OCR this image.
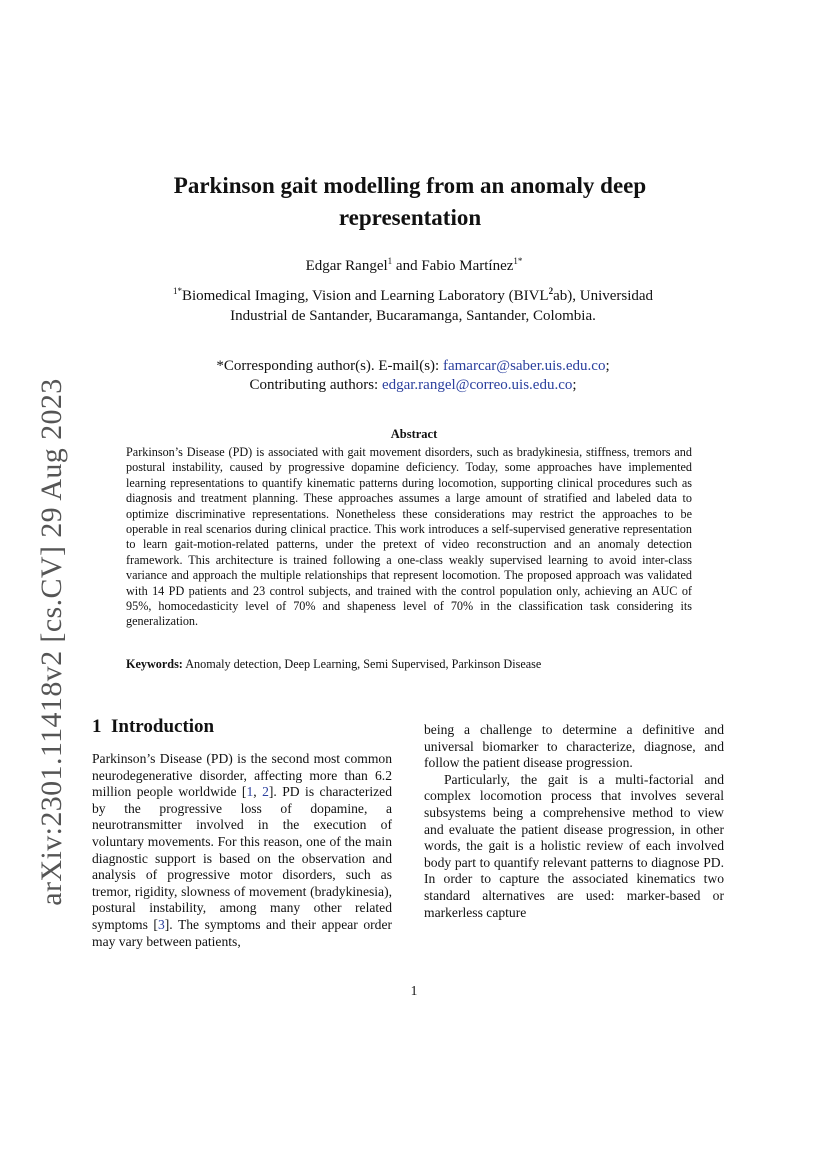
arXiv:2301.11418v2 [cs.CV] 29 Aug 2023
Parkinson gait modelling from an anomaly deep representation
Edgar Rangel$^1$ and Fabio Martínez$^{1*}$
$^{1*}$Biomedical Imaging, Vision and Learning Laboratory (BIVL$^2$ab), Universidad
Industrial de Santander, Bucaramanga, Santander, Colombia.
*Corresponding author(s). E-mail(s): famarcar@saber.uis.edu.co;
Contributing authors: edgar.rangel@correo.uis.edu.co;
Abstract
Parkinson’s Disease (PD) is associated with gait movement disorders, such as bradykinesia, stiffness, tremors and postural instability, caused by progressive dopamine deficiency. Today, some approaches have implemented learning representations to quantify kinematic patterns during locomotion, supporting clinical procedures such as diagnosis and treatment planning. These approaches assumes a large amount of stratified and labeled data to optimize discriminative representations. Nonetheless these considerations may restrict the approaches to be operable in real scenarios during clinical practice. This work introduces a self-supervised generative representation to learn gait-motion-related patterns, under the pretext of video reconstruction and an anomaly detection framework. This architecture is trained following a one-class weakly supervised learning to avoid inter-class variance and approach the multiple relationships that represent locomotion. The proposed approach was validated with 14 PD patients and 23 control subjects, and trained with the control population only, achieving an AUC of 95%, homocedasticity level of 70% and shapeness level of 70% in the classification task considering its generalization.
Keywords: Anomaly detection, Deep Learning, Semi Supervised, Parkinson Disease
1 Introduction

Parkinson’s Disease (PD) is the second most common neurodegenerative disorder, affecting more than 6.2 million people worldwide [1, 2]. PD is characterized by the progressive loss of dopamine, a neurotransmitter involved in the execution of voluntary movements. For this reason, one of the main diagnostic support is based on the observation and analysis of progressive motor disorders, such as tremor, rigidity, slowness of movement (bradykinesia), postural instability, among many other related symptoms [3]. The symptoms and their appear order may vary between patients,

being a challenge to determine a definitive and universal biomarker to characterize, diagnose, and follow the patient disease progression.

Particularly, the gait is a multi-factorial and complex locomotion process that involves several subsystems being a comprehensive method to view and evaluate the patient disease progression, in other words, the gait is a holistic review of each involved body part to quantify relevant patterns to diagnose PD. In order to capture the associated kinematics two standard alternatives are used: marker-based or markerless capture

1
